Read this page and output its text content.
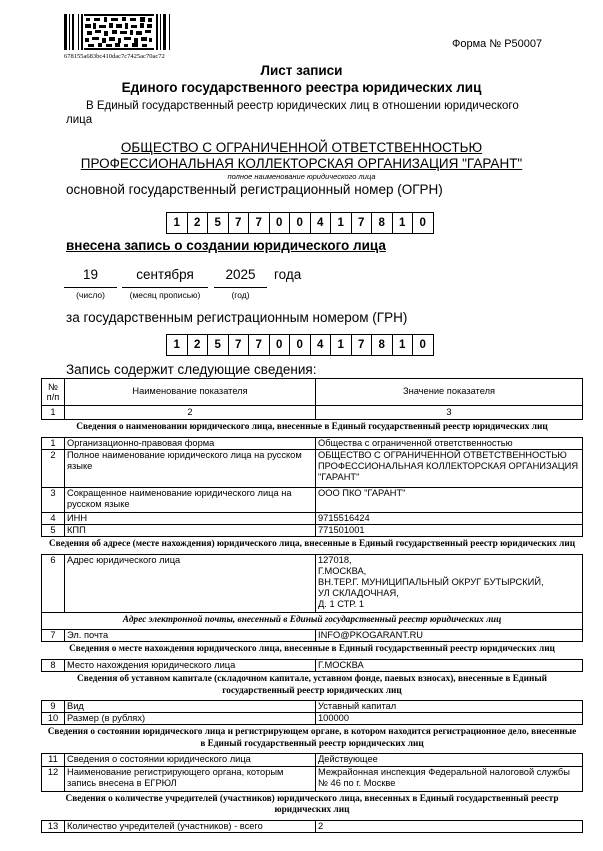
678155a683bc410dac7c7425ac70ac72
Форма № Р50007
Лист записи
Единого государственного реестра юридических лиц
В Единый государственный реестр юридических лиц в отношении юридического лица
ОБЩЕСТВО С ОГРАНИЧЕННОЙ ОТВЕТСТВЕННОСТЬЮ
ПРОФЕССИОНАЛЬНАЯ КОЛЛЕКТОРСКАЯ ОРГАНИЗАЦИЯ "ГАРАНТ"
полное наименование юридического лица
основной государственный регистрационный номер (ОГРН)
1	2	5	7	7	0	0	4	1	7	8	1	0
внесена запись о создании юридического лица
19	сентября	2025	года
(число)	(месяц прописью)	(год)
за государственным регистрационным номером (ГРН)
1	2	5	7	7	0	0	4	1	7	8	1	0
Запись содержит следующие сведения:
№ п/п	Наименование показателя	Значение показателя
1	2	3
Сведения о наименовании юридического лица, внесенные в Единый государственный реестр юридических лиц		
1	Организационно-правовая форма	Общества с ограниченной ответственностью
2	Полное наименование юридического лица на русском языке	ОБЩЕСТВО С ОГРАНИЧЕННОЙ ОТВЕТСТВЕННОСТЬЮ ПРОФЕССИОНАЛЬНАЯ КОЛЛЕКТОРСКАЯ ОРГАНИЗАЦИЯ "ГАРАНТ"
3	Сокращенное наименование юридического лица на русском языке	ООО ПКО "ГАРАНТ"
4	ИНН	9715516424
5	КПП	771501001
Сведения об адресе (месте нахождения) юридического лица, внесенные в Единый государственный реестр юридических лиц		
6	Адрес юридического лица	127018,
Г.МОСКВА,
ВН.ТЕР.Г. МУНИЦИПАЛЬНЫЙ ОКРУГ БУТЫРСКИЙ,
УЛ СКЛАДОЧНАЯ,
Д. 1 СТР. 1

Адрес электронной почты, внесенный в Единый государственный реестр юридических лиц		
7	Эл. почта	INFO@PKOGARANT.RU
Сведения о месте нахождения юридического лица, внесенные в Единый государственный реестр юридических лиц		
8	Место нахождения юридического лица	Г.МОСКВА
Сведения об уставном капитале (складочном капитале, уставном фонде, паевых взносах), внесенные в Единый государственный реестр юридических лиц		
9	Вид	Уставный капитал
10	Размер (в рублях)	100000
Сведения о состоянии юридического лица и регистрирующем органе, в котором находится регистрационное дело, внесенные в Единый государственный реестр юридических лиц		
11	Сведения о состоянии юридического лица	Действующее
12	Наименование регистрирующего органа, которым запись внесена в ЕГРЮЛ	Межрайонная инспекция Федеральной налоговой службы № 46 по г. Москве
Сведения о количестве учредителей (участников) юридического лица, внесенных в Единый государственный реестр юридических лиц		
13	Количество учредителей (участников) - всего	2
